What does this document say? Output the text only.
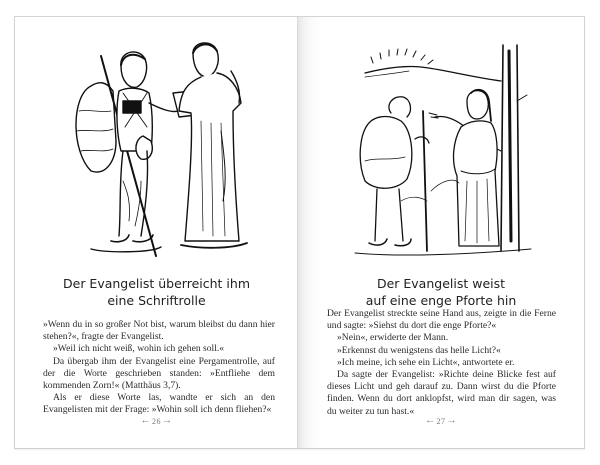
Der Evangelist überreicht ihm
eine Schriftrolle

»Wenn du in so großer Not bist, warum bleibst du dann hier stehen?«, fragte der Evangelist.

»Weil ich nicht weiß, wohin ich gehen soll.«

Da übergab ihm der Evangelist eine Pergamentrolle, auf der die Worte geschrieben standen: »Entfliehe dem kommenden Zorn!« (Matthäus 3,7).

Als er diese Worte las, wandte er sich an den Evangelisten mit der Frage: »Wohin soll ich denn fliehen?«

⇠ 26 ⇢
Der Evangelist weist
auf eine enge Pforte hin

Der Evangelist streckte seine Hand aus, zeigte in die Ferne und sagte: »Siehst du dort die enge Pforte?«

»Nein«, erwiderte der Mann.

»Erkennst du wenigstens das helle Licht?«

»Ich meine, ich sehe ein Licht«, antwortete er.

Da sagte der Evangelist: »Richte deine Blicke fest auf dieses Licht und geh darauf zu. Dann wirst du die Pforte finden. Wenn du dort anklopfst, wird man dir sagen, was du weiter zu tun hast.«

⇠ 27 ⇢
